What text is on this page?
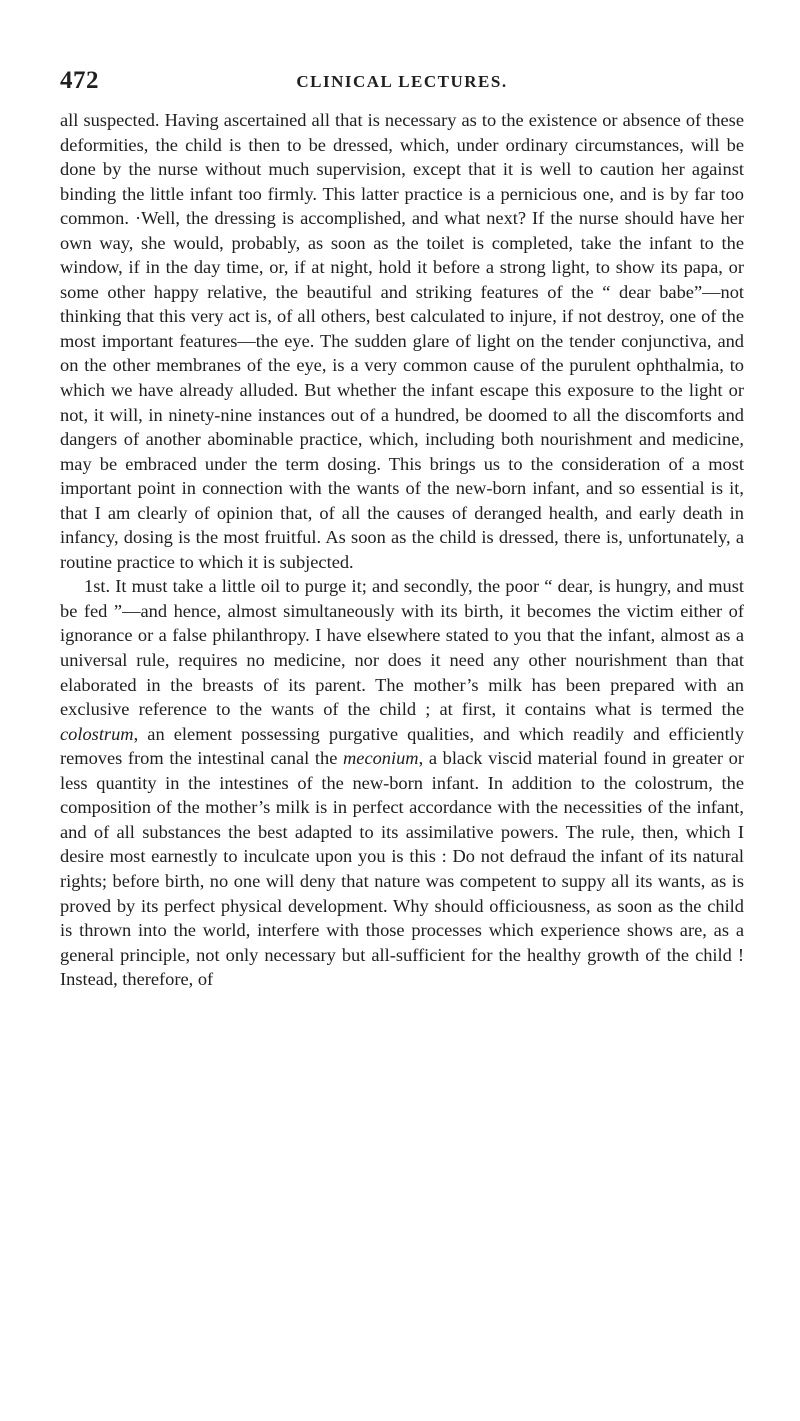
472	CLINICAL LECTURES.

all suspected. Having ascertained all that is necessary as to the existence or absence of these deformities, the child is then to be dressed, which, under ordinary circumstances, will be done by the nurse without much supervision, except that it is well to caution her against binding the little infant too firmly. This latter practice is a pernicious one, and is by far too common. ·Well, the dressing is accomplished, and what next? If the nurse should have her own way, she would, probably, as soon as the toilet is completed, take the infant to the window, if in the day time, or, if at night, hold it before a strong light, to show its papa, or some other happy relative, the beautiful and striking features of the “ dear babe”—not thinking that this very act is, of all others, best calculated to injure, if not destroy, one of the most important features—the eye. The sudden glare of light on the tender conjunctiva, and on the other membranes of the eye, is a very common cause of the purulent ophthalmia, to which we have already alluded. But whether the infant escape this exposure to the light or not, it will, in ninety-nine instances out of a hundred, be doomed to all the discomforts and dangers of another abominable practice, which, including both nourishment and medicine, may be embraced under the term dosing. This brings us to the consideration of a most important point in connection with the wants of the new-born infant, and so essential is it, that I am clearly of opinion that, of all the causes of deranged health, and early death in infancy, dosing is the most fruitful. As soon as the child is dressed, there is, unfortunately, a routine practice to which it is subjected.

1st. It must take a little oil to purge it; and secondly, the poor “ dear, is hungry, and must be fed ”—and hence, almost simultaneously with its birth, it becomes the victim either of ignorance or a false philanthropy. I have elsewhere stated to you that the infant, almost as a universal rule, requires no medicine, nor does it need any other nourishment than that elaborated in the breasts of its parent. The mother’s milk has been prepared with an exclusive reference to the wants of the child ; at first, it contains what is termed the colostrum, an element possessing purgative qualities, and which readily and efficiently removes from the intestinal canal the meconium, a black viscid material found in greater or less quantity in the intestines of the new-born infant. In addition to the colostrum, the composition of the mother’s milk is in perfect accordance with the necessities of the infant, and of all substances the best adapted to its assimilative powers. The rule, then, which I desire most earnestly to inculcate upon you is this : Do not defraud the infant of its natural rights; before birth, no one will deny that nature was competent to suppy all its wants, as is proved by its perfect physical development. Why should officiousness, as soon as the child is thrown into the world, interfere with those processes which experience shows are, as a general principle, not only necessary but all-sufficient for the healthy growth of the child ! Instead, therefore, of
